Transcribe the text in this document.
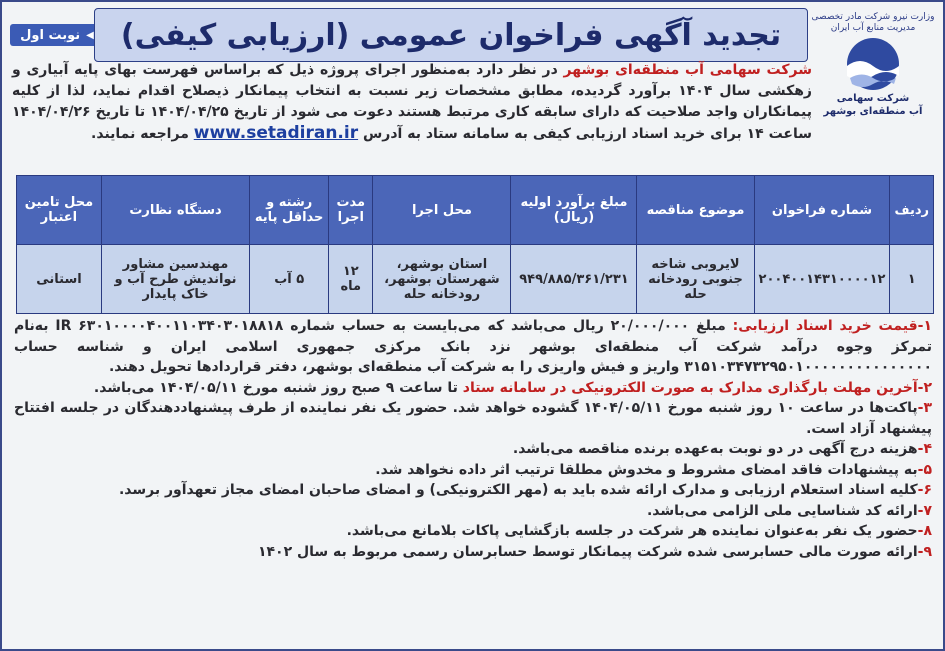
◀
نوبت اول تجدید آگهی فراخوان عمومی (ارزیابی کیفی)
وزارت نیرو شرکت مادر تخصصی مدیریت منابع آب ایران
شرکت سهامی
آب منطقه‌ای بوشهر
شرکت سهامی آب منطقه‌ای بوشهر در نظر دارد به‌منظور اجرای پروژه ذیل که براساس فهرست بهای پایه آبیاری و زهکشی سال ۱۴۰۴ برآورد گردیده، مطابق مشخصات زیر نسبت به انتخاب پیمانکار ذیصلاح اقدام نماید، لذا از کلیه پیمانکاران واجد صلاحیت که دارای سابقه کاری مرتبط هستند دعوت می شود از تاریخ ۱۴۰۴/۰۴/۲۵ تا تاریخ ۱۴۰۴/۰۴/۲۶ ساعت ۱۴ برای خرید اسناد ارزیابی کیفی به سامانه ستاد به آدرس www.setadiran.ir مراجعه نمایند.
ردیف	شماره فراخوان	موضوع مناقصه	مبلغ برآورد اولیه (ریال)	محل اجرا	مدت اجرا	رشته و حداقل پایه	دستگاه نظارت	محل تامین اعتبار
۱	۲۰۰۴۰۰۱۴۳۱۰۰۰۰۱۲	لایروبی شاخه جنوبی رودخانه حله	۹۴۹/۸۸۵/۳۶۱/۲۳۱	استان بوشهر، شهرستان بوشهر، رودخانه حله	۱۲ ماه	۵ آب	مهندسین مشاور نواندیش طرح آب و خاک پایدار	استانی

۱-قیمت خرید اسناد ارزیابی: مبلغ ۲۰/۰۰۰/۰۰۰ ریال می‌باشد که می‌بایست به حساب شماره IR ۶۳۰۱۰۰۰۰۴۰۰۱۱۰۳۴۰۳۰۱۸۸۱۸ به‌نام تمرکز وجوه درآمد شرکت آب منطقه‌ای بوشهر نزد بانک مرکزی جمهوری اسلامی ایران و شناسه حساب ۳۱۵۱۰۳۴۷۳۲۹۵۰۱۰۰۰۰۰۰۰۰۰۰۰۰۰۰۰ واریز و فیش واریزی را به شرکت آب منطقه‌ای بوشهر، دفتر قراردادها تحویل دهند.

۲-آخرین مهلت بارگذاری مدارک به صورت الکترونیکی در سامانه ستاد تا ساعت ۹ صبح روز شنبه مورخ ۱۴۰۴/۰۵/۱۱ می‌باشد.

۳-پاکت‌ها در ساعت ۱۰ روز شنبه مورخ ۱۴۰۴/۰۵/۱۱ گشوده خواهد شد. حضور یک نفر نماینده از طرف پیشنهاددهندگان در جلسه افتتاح پیشنهاد آزاد است.

۴-هزینه درج آگهی در دو نوبت به‌عهده برنده مناقصه می‌باشد.

۵-به پیشنهادات فاقد امضای مشروط و مخدوش مطلقا ترتیب اثر داده نخواهد شد.

۶-کلیه اسناد استعلام ارزیابی و مدارک ارائه شده باید به (مهر الکترونیکی) و امضای صاحبان امضای مجاز تعهدآور برسد.

۷-ارائه کد شناسایی ملی الزامی می‌باشد.

۸-حضور یک نفر به‌عنوان نماینده هر شرکت در جلسه بازگشایی پاکات بلامانع می‌باشد.

۹-ارائه صورت مالی حسابرسی شده شرکت پیمانکار توسط حسابرسان رسمی مربوط به سال ۱۴۰۲
